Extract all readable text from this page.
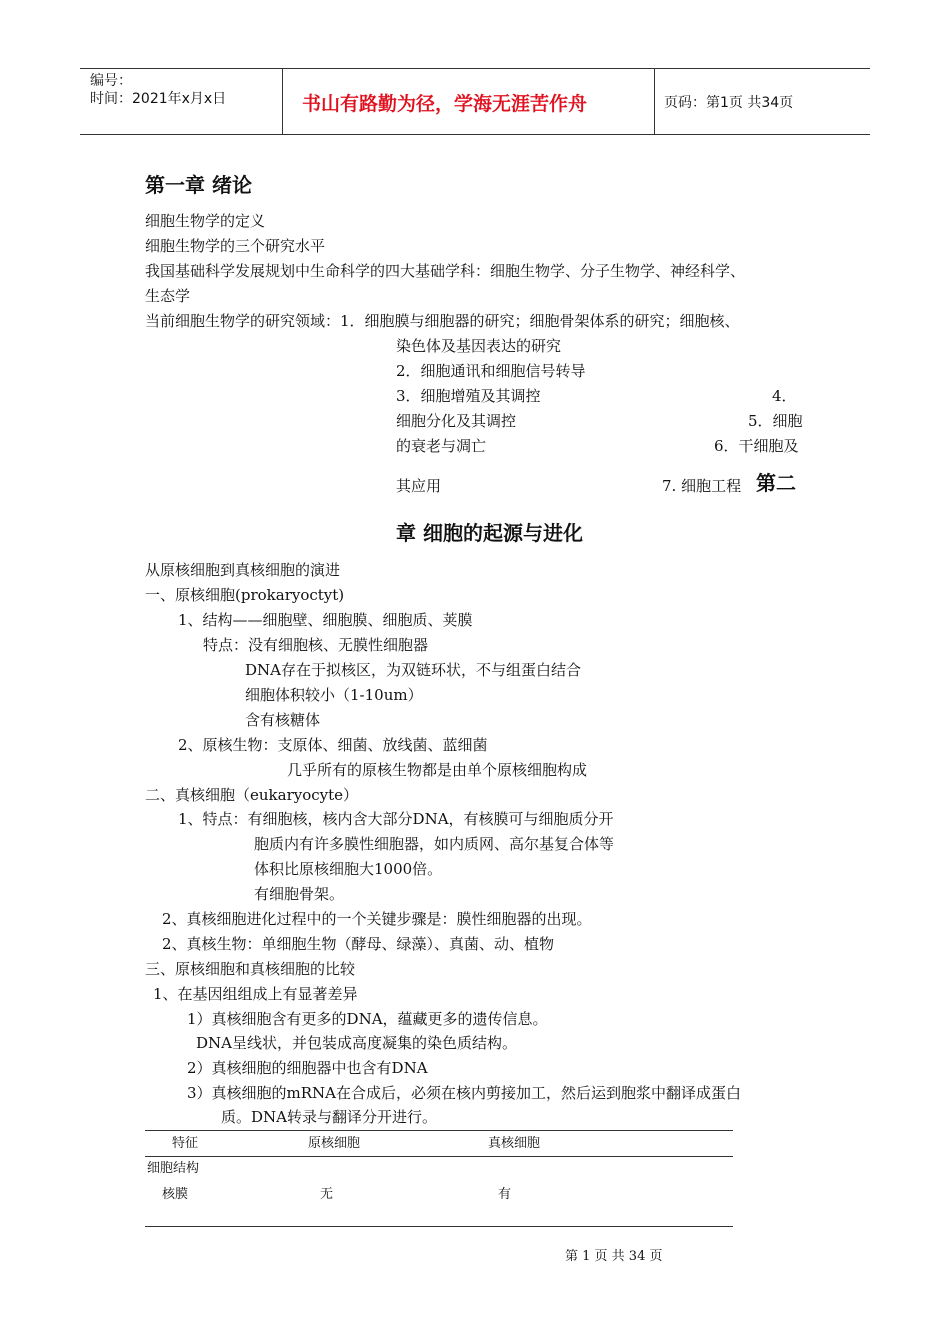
编号：
时间：2021年x月x日	书山有路勤为径，学海无涯苦作舟	页码：第1页 共34页
第一章 绪论
细胞生物学的定义
细胞生物学的三个研究水平
我国基础科学发展规划中生命科学的四大基础学科：细胞生物学、分子生物学、神经科学、
生态学
当前细胞生物学的研究领域：1．细胞膜与细胞器的研究；细胞骨架体系的研究；细胞核、
染色体及基因表达的研究
2．细胞通讯和细胞信号转导
3．细胞增殖及其调控	4．
细胞分化及其调控	5．细胞
的衰老与凋亡	6．干细胞及
其应用	7. 细胞工程 第二
章 细胞的起源与进化
从原核细胞到真核细胞的演进
一、原核细胞(prokaryoctyt)
1、结构——细胞壁、细胞膜、细胞质、荚膜
特点：没有细胞核、无膜性细胞器
DNA存在于拟核区，为双链环状，不与组蛋白结合
细胞体积较小（1-10um）
含有核糖体
2、原核生物：支原体、细菌、放线菌、蓝细菌
几乎所有的原核生物都是由单个原核细胞构成
二、真核细胞（eukaryocyte）
1、特点：有细胞核，核内含大部分DNA，有核膜可与细胞质分开
胞质内有许多膜性细胞器，如内质网、高尔基复合体等
体积比原核细胞大1000倍。
有细胞骨架。
2、真核细胞进化过程中的一个关键步骤是：膜性细胞器的出现。
2、真核生物：单细胞生物（酵母、绿藻）、真菌、动、植物
三、原核细胞和真核细胞的比较
1、在基因组组成上有显著差异
1）真核细胞含有更多的DNA，蕴藏更多的遗传信息。
DNA呈线状，并包装成高度凝集的染色质结构。
2）真核细胞的细胞器中也含有DNA
3）真核细胞的mRNA在合成后，必须在核内剪接加工，然后运到胞浆中翻译成蛋白
质。DNA转录与翻译分开进行。
特征	原核细胞	真核细胞
细胞结构
核膜	无	有
第 1 页 共 34 页
